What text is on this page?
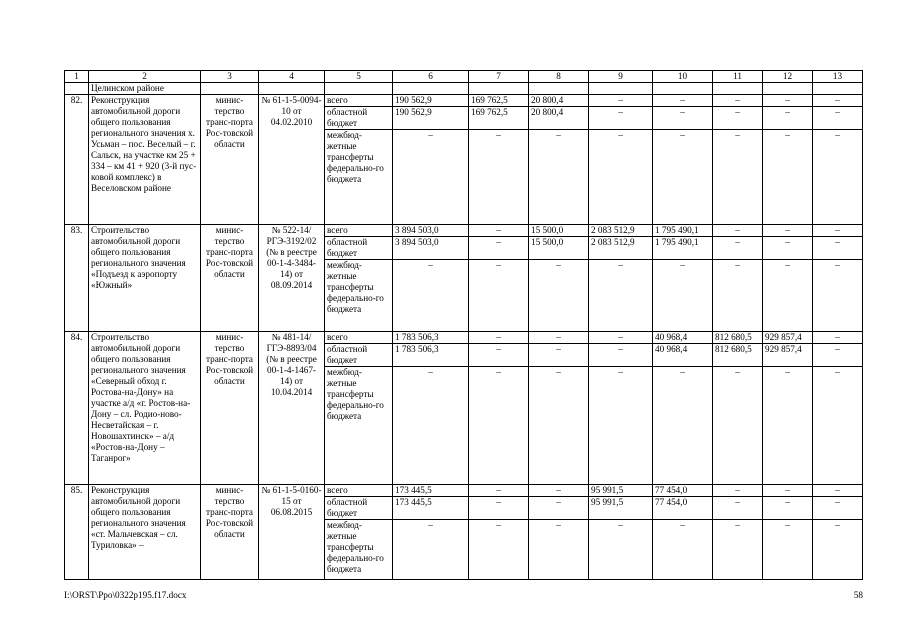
1	2	3	4	5	6	7	8	9	10	11	12	13
	Целинском районе											
82.	Реконструкция автомобильной дороги общего пользования регионального значения х. Усьман – пос. Веселый – г. Сальск, на участке км 25 + 334 – км 41 + 920 (3-й пус-ковой комплекс) в Веселовском районе	минис-терство транс-порта Рос-товской области	№ 61-1-5-0094-10 от 04.02.2010	всего	190 562,9	169 762,5	20 800,4	–	–	–	–	–
				областной бюджет	190 562,9	169 762,5	20 800,4	–	–	–	–	–
				межбюд-жетные трансферты федерально-го бюджета	–	–	–	–	–	–	–	–
83.	Строительство автомобильной дороги общего пользования регионального значения «Подъезд к аэропорту «Южный»	минис-терство транс-порта Рос-товской области	№ 522-14/РГЭ-3192/02 (№ в реестре 00-1-4-3484-14) от 08.09.2014	всего	3 894 503,0	–	15 500,0	2 083 512,9	1 795 490,1	–	–	–
				областной бюджет	3 894 503,0	–	15 500,0	2 083 512,9	1 795 490,1	–	–	–
				межбюд-жетные трансферты федерально-го бюджета	–	–	–	–	–	–	–	–
84.	Строительство автомобильной дороги общего пользования регионального значения «Северный обход г. Ростова-на-Дону» на участке а/д «г. Ростов-на-Дону – сл. Родио-ново-Несветайская – г. Новошахтинск» – а/д «Ростов-на-Дону – Таганрог»	минис-терство транс-порта Рос-товской области	№ 481-14/ГГЭ-8893/04 (№ в реестре 00-1-4-1467-14) от 10.04.2014	всего	1 783 506,3	–	–	–	40 968,4	812 680,5	929 857,4	–
				областной бюджет	1 783 506,3	–	–	–	40 968,4	812 680,5	929 857,4	–
				межбюд-жетные трансферты федерально-го бюджета	–	–	–	–	–	–	–	–
85.	Реконструкция автомобильной дороги общего пользования регионального значения «ст. Мальчевская – сл. Туриловка» –	минис-терство транс-порта Рос-товской области	№ 61-1-5-0160-15 от 06.08.2015	всего	173 445,5	–	–	95 991,5	77 454,0	–	–	–
				областной бюджет	173 445,5	–	–	95 991,5	77 454,0	–	–	–
				межбюд-жетные трансферты федерально-го бюджета	–	–	–	–	–	–	–	–
I:\ORST\Ppo\0322p195.f17.docx	58
